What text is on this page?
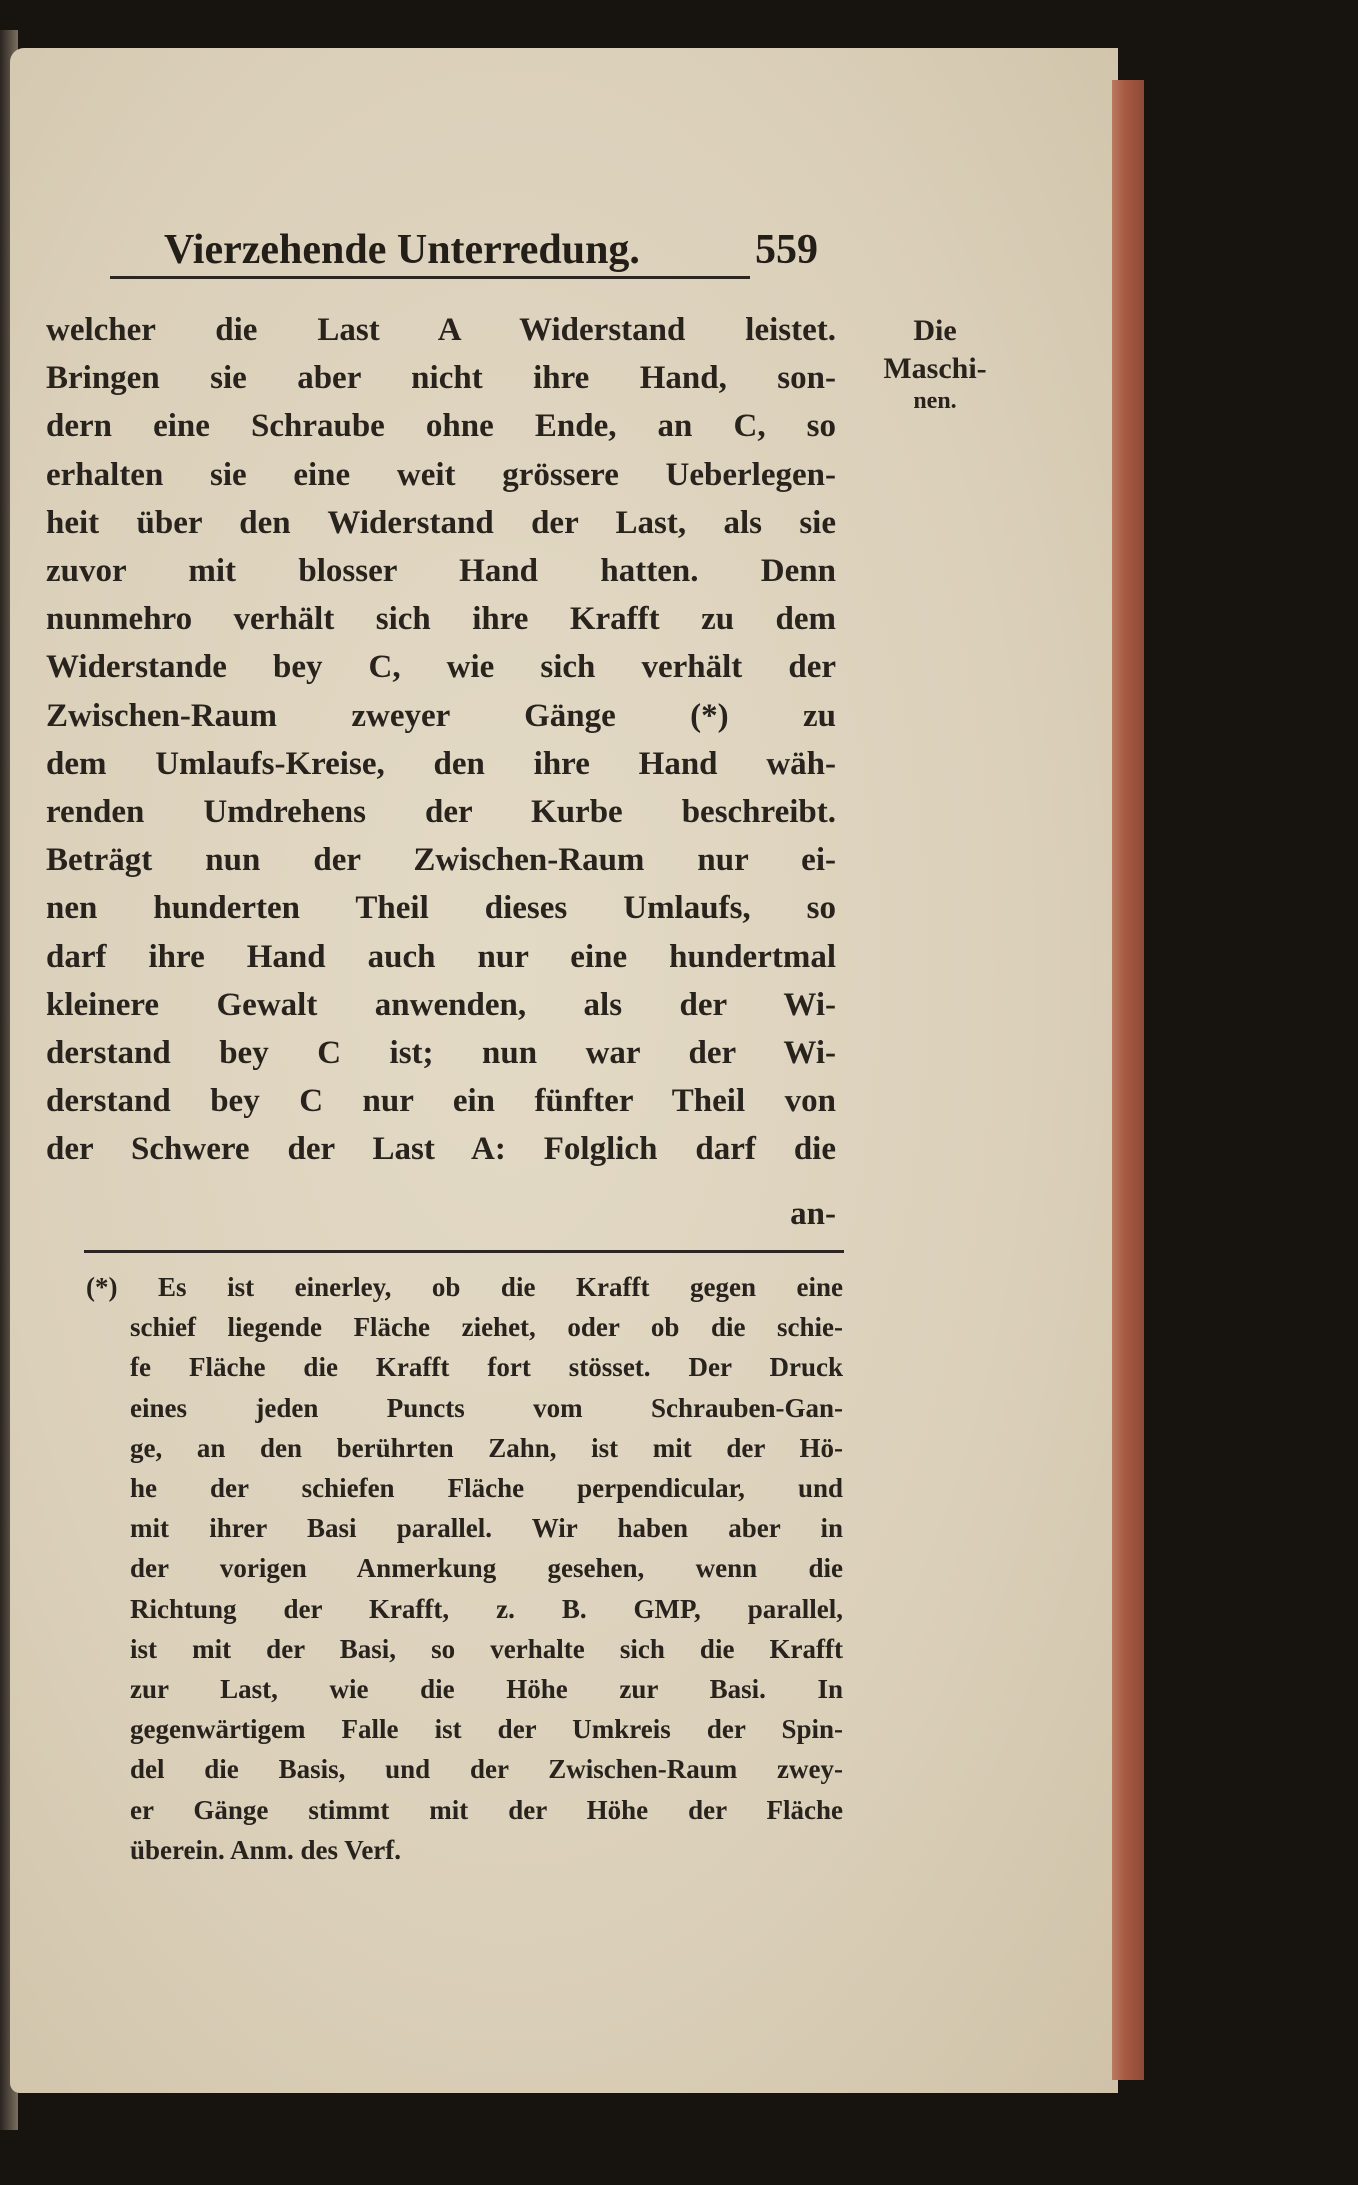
Vierzehende Unterredung.	559
Die
Maschi-
nen.
welcher die Last A Widerstand leistet.
Bringen sie aber nicht ihre Hand, son-
dern eine Schraube ohne Ende, an C, so
erhalten sie eine weit grössere Ueberlegen-
heit über den Widerstand der Last, als sie
zuvor mit blosser Hand hatten. Denn
nunmehro verhält sich ihre Krafft zu dem
Widerstande bey C, wie sich verhält der
Zwischen-Raum zweyer Gänge (*) zu
dem Umlaufs-Kreise, den ihre Hand wäh-
renden Umdrehens der Kurbe beschreibt.
Beträgt nun der Zwischen-Raum nur ei-
nen hunderten Theil dieses Umlaufs, so
darf ihre Hand auch nur eine hundertmal
kleinere Gewalt anwenden, als der Wi-
derstand bey C ist; nun war der Wi-
derstand bey C nur ein fünfter Theil von
der Schwere der Last A: Folglich darf die
an-
(*) Es ist einerley, ob die Krafft gegen eine
schief liegende Fläche ziehet, oder ob die schie-
fe Fläche die Krafft fort stösset. Der Druck
eines jeden Puncts vom Schrauben-Gan-
ge, an den berührten Zahn, ist mit der Hö-
he der schiefen Fläche perpendicular, und
mit ihrer Basi parallel. Wir haben aber in
der vorigen Anmerkung gesehen, wenn die
Richtung der Krafft, z. B. GMP, parallel,
ist mit der Basi, so verhalte sich die Krafft
zur Last, wie die Höhe zur Basi. In
gegenwärtigem Falle ist der Umkreis der Spin-
del die Basis, und der Zwischen-Raum zwey-
er Gänge stimmt mit der Höhe der Fläche
überein. Anm. des Verf.
